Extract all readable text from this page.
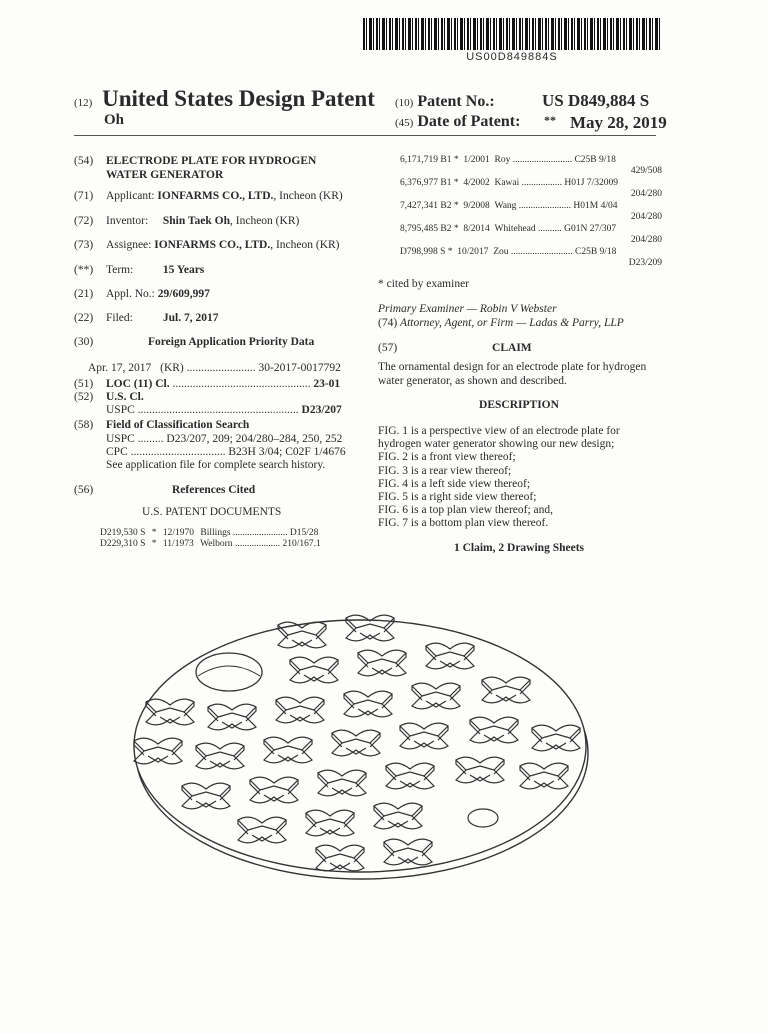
US00D849884S
(12) United States Design Patent
Oh
(10) Patent No.:	US D849,884 S
(45) Date of Patent: ** May 28, 2019
(54) ELECTRODE PLATE FOR HYDROGEN
WATER GENERATOR
(71) Applicant: IONFARMS CO., LTD., Incheon (KR)
(72) Inventor: Shin Taek Oh, Incheon (KR)
(73) Assignee: IONFARMS CO., LTD., Incheon (KR)
(**) Term:	15 Years
(21) Appl. No.: 29/609,997
(22) Filed:	Jul. 7, 2017
(30)	Foreign Application Priority Data
Apr. 17, 2017 (KR) ........................ 30-2017-0017792
(51) LOC (11) Cl. ................................................ 23-01
(52) U.S. Cl.
USPC ........................................................ D23/207
(58) Field of Classification Search
USPC ......... D23/207, 209; 204/280–284, 250, 252
CPC ................................. B23H 3/04; C02F 1/4676
See application file for complete search history.
(56)	References Cited
U.S. PATENT DOCUMENTS
D219,530 S * 12/1970 Billings ....................... D15/28
D229,310 S * 11/1973 Welborn ................... 210/167.1
6,171,719 B1 * 1/2001 Roy ......................... C25B 9/18
429/508
6,376,977 B1 * 4/2002 Kawai ................. H01J 7/32009
204/280
7,427,341 B2 * 9/2008 Wang ...................... H01M 4/04
204/280
8,795,485 B2 * 8/2014 Whitehead .......... G01N 27/307
204/280
D798,998 S * 10/2017 Zou .......................... C25B 9/18
D23/209
* cited by examiner
Primary Examiner — Robin V Webster
(74) Attorney, Agent, or Firm — Ladas & Parry, LLP
(57)	CLAIM
The ornamental design for an electrode plate for hydrogen
water generator, as shown and described.
DESCRIPTION
FIG. 1 is a perspective view of an electrode plate for
hydrogen water generator showing our new design;
FIG. 2 is a front view thereof;
FIG. 3 is a rear view thereof;
FIG. 4 is a left side view thereof;
FIG. 5 is a right side view thereof;
FIG. 6 is a top plan view thereof; and,
FIG. 7 is a bottom plan view thereof.
1 Claim, 2 Drawing Sheets
